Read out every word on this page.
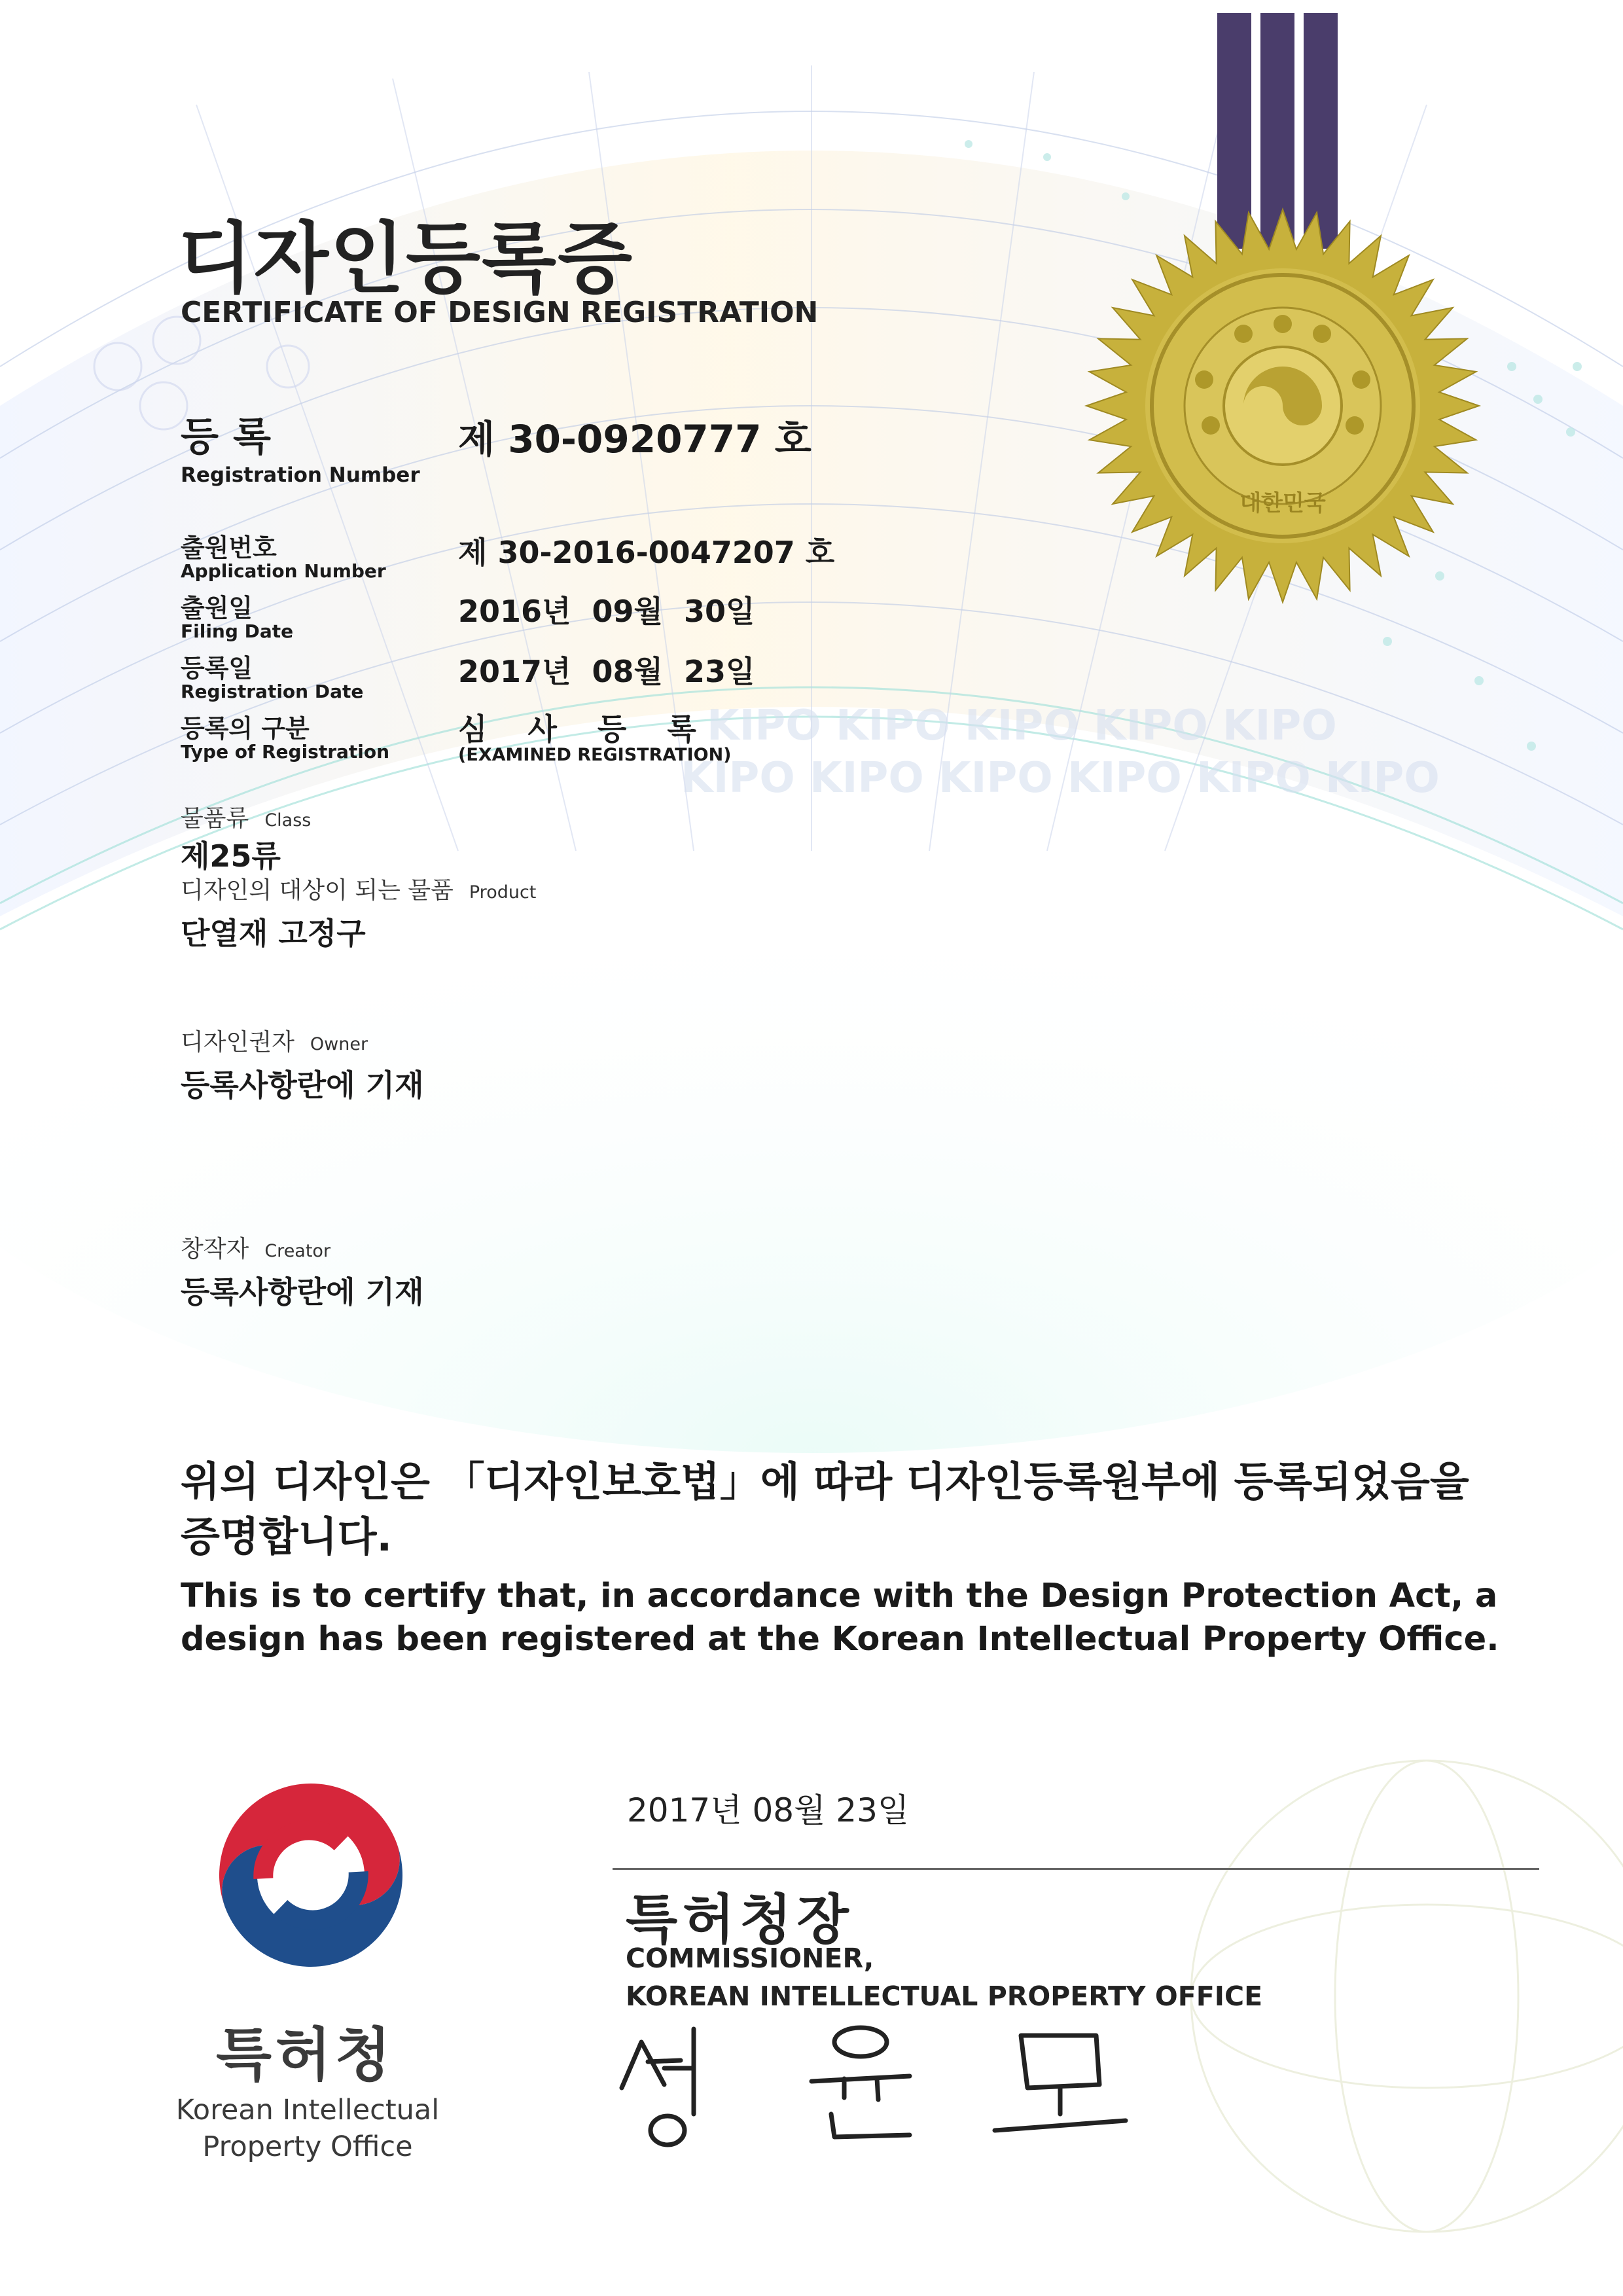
KIPO KIPO KIPO KIPO KIPO
KIPO KIPO KIPO KIPO KIPO KIPO
대한민국
디자인등록증
CERTIFICATE OF DESIGN REGISTRATION
등록
Registration Number
제 30-0920777 호
출원번호
Application Number
제 30-2016-0047207 호
출원일
Filing Date
2016년  09월  30일
등록일
Registration Date
2017년  08월  23일
등록의 구분
Type of Registration
심  사  등  록
(EXAMINED REGISTRATION)
물품류 Class
제25류
디자인의 대상이 되는 물품 Product
단열재 고정구
디자인권자 Owner
등록사항란에 기재
창작자 Creator
등록사항란에 기재
위의 디자인은 「디자인보호법」에 따라 디자인등록원부에 등록되었음을 증명합니다.
This is to certify that, in accordance with the Design Protection Act, a design has been registered at the Korean Intellectual Property Office.
2017년 08월 23일
특허청장
COMMISSIONER,
KOREAN INTELLECTUAL PROPERTY OFFICE
특허청
Korean Intellectual Property Office
